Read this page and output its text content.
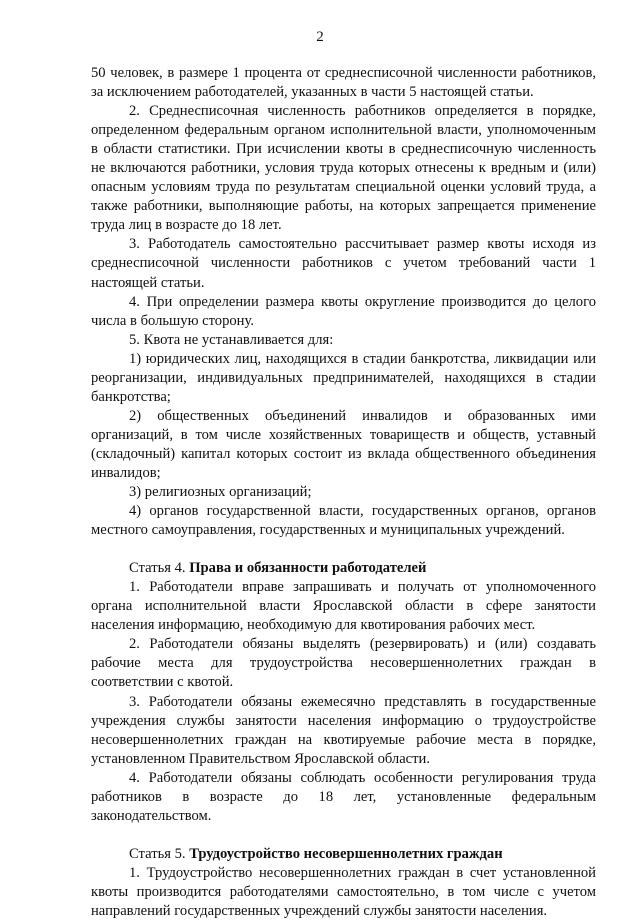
2

50 человек, в размере 1 процента от среднесписочной численности работников, за исключением работодателей, указанных в части 5 настоящей статьи.

2. Среднесписочная численность работников определяется в порядке, определенном федеральным органом исполнительной власти, уполномоченным в области статистики. При исчислении квоты в среднесписочную численность не включаются работники, условия труда которых отнесены к вредным и (или) опасным условиям труда по результатам специальной оценки условий труда, а также работники, выполняющие работы, на которых запрещается применение труда лиц в возрасте до 18 лет.

3. Работодатель самостоятельно рассчитывает размер квоты исходя из среднесписочной численности работников с учетом требований части 1 настоящей статьи.

4. При определении размера квоты округление производится до целого числа в большую сторону.

5. Квота не устанавливается для:

1) юридических лиц, находящихся в стадии банкротства, ликвидации или реорганизации, индивидуальных предпринимателей, находящихся в стадии банкротства;

2) общественных объединений инвалидов и образованных ими организаций, в том числе хозяйственных товариществ и обществ, уставный (складочный) капитал которых состоит из вклада общественного объединения инвалидов;

3) религиозных организаций;

4) органов государственной власти, государственных органов, органов местного самоуправления, государственных и муниципальных учреждений.

Статья 4. Права и обязанности работодателей

1. Работодатели вправе запрашивать и получать от уполномоченного органа исполнительной власти Ярославской области в сфере занятости населения информацию, необходимую для квотирования рабочих мест.

2. Работодатели обязаны выделять (резервировать) и (или) создавать рабочие места для трудоустройства несовершеннолетних граждан в соответствии с квотой.

3. Работодатели обязаны ежемесячно представлять в государственные учреждения службы занятости населения информацию о трудоустройстве несовершеннолетних граждан на квотируемые рабочие места в порядке, установленном Правительством Ярославской области.

4. Работодатели обязаны соблюдать особенности регулирования труда работников в возрасте до 18 лет, установленные федеральным законодательством.

Статья 5. Трудоустройство несовершеннолетних граждан

1. Трудоустройство несовершеннолетних граждан в счет установленной квоты производится работодателями самостоятельно, в том числе с учетом направлений государственных учреждений службы занятости населения.
